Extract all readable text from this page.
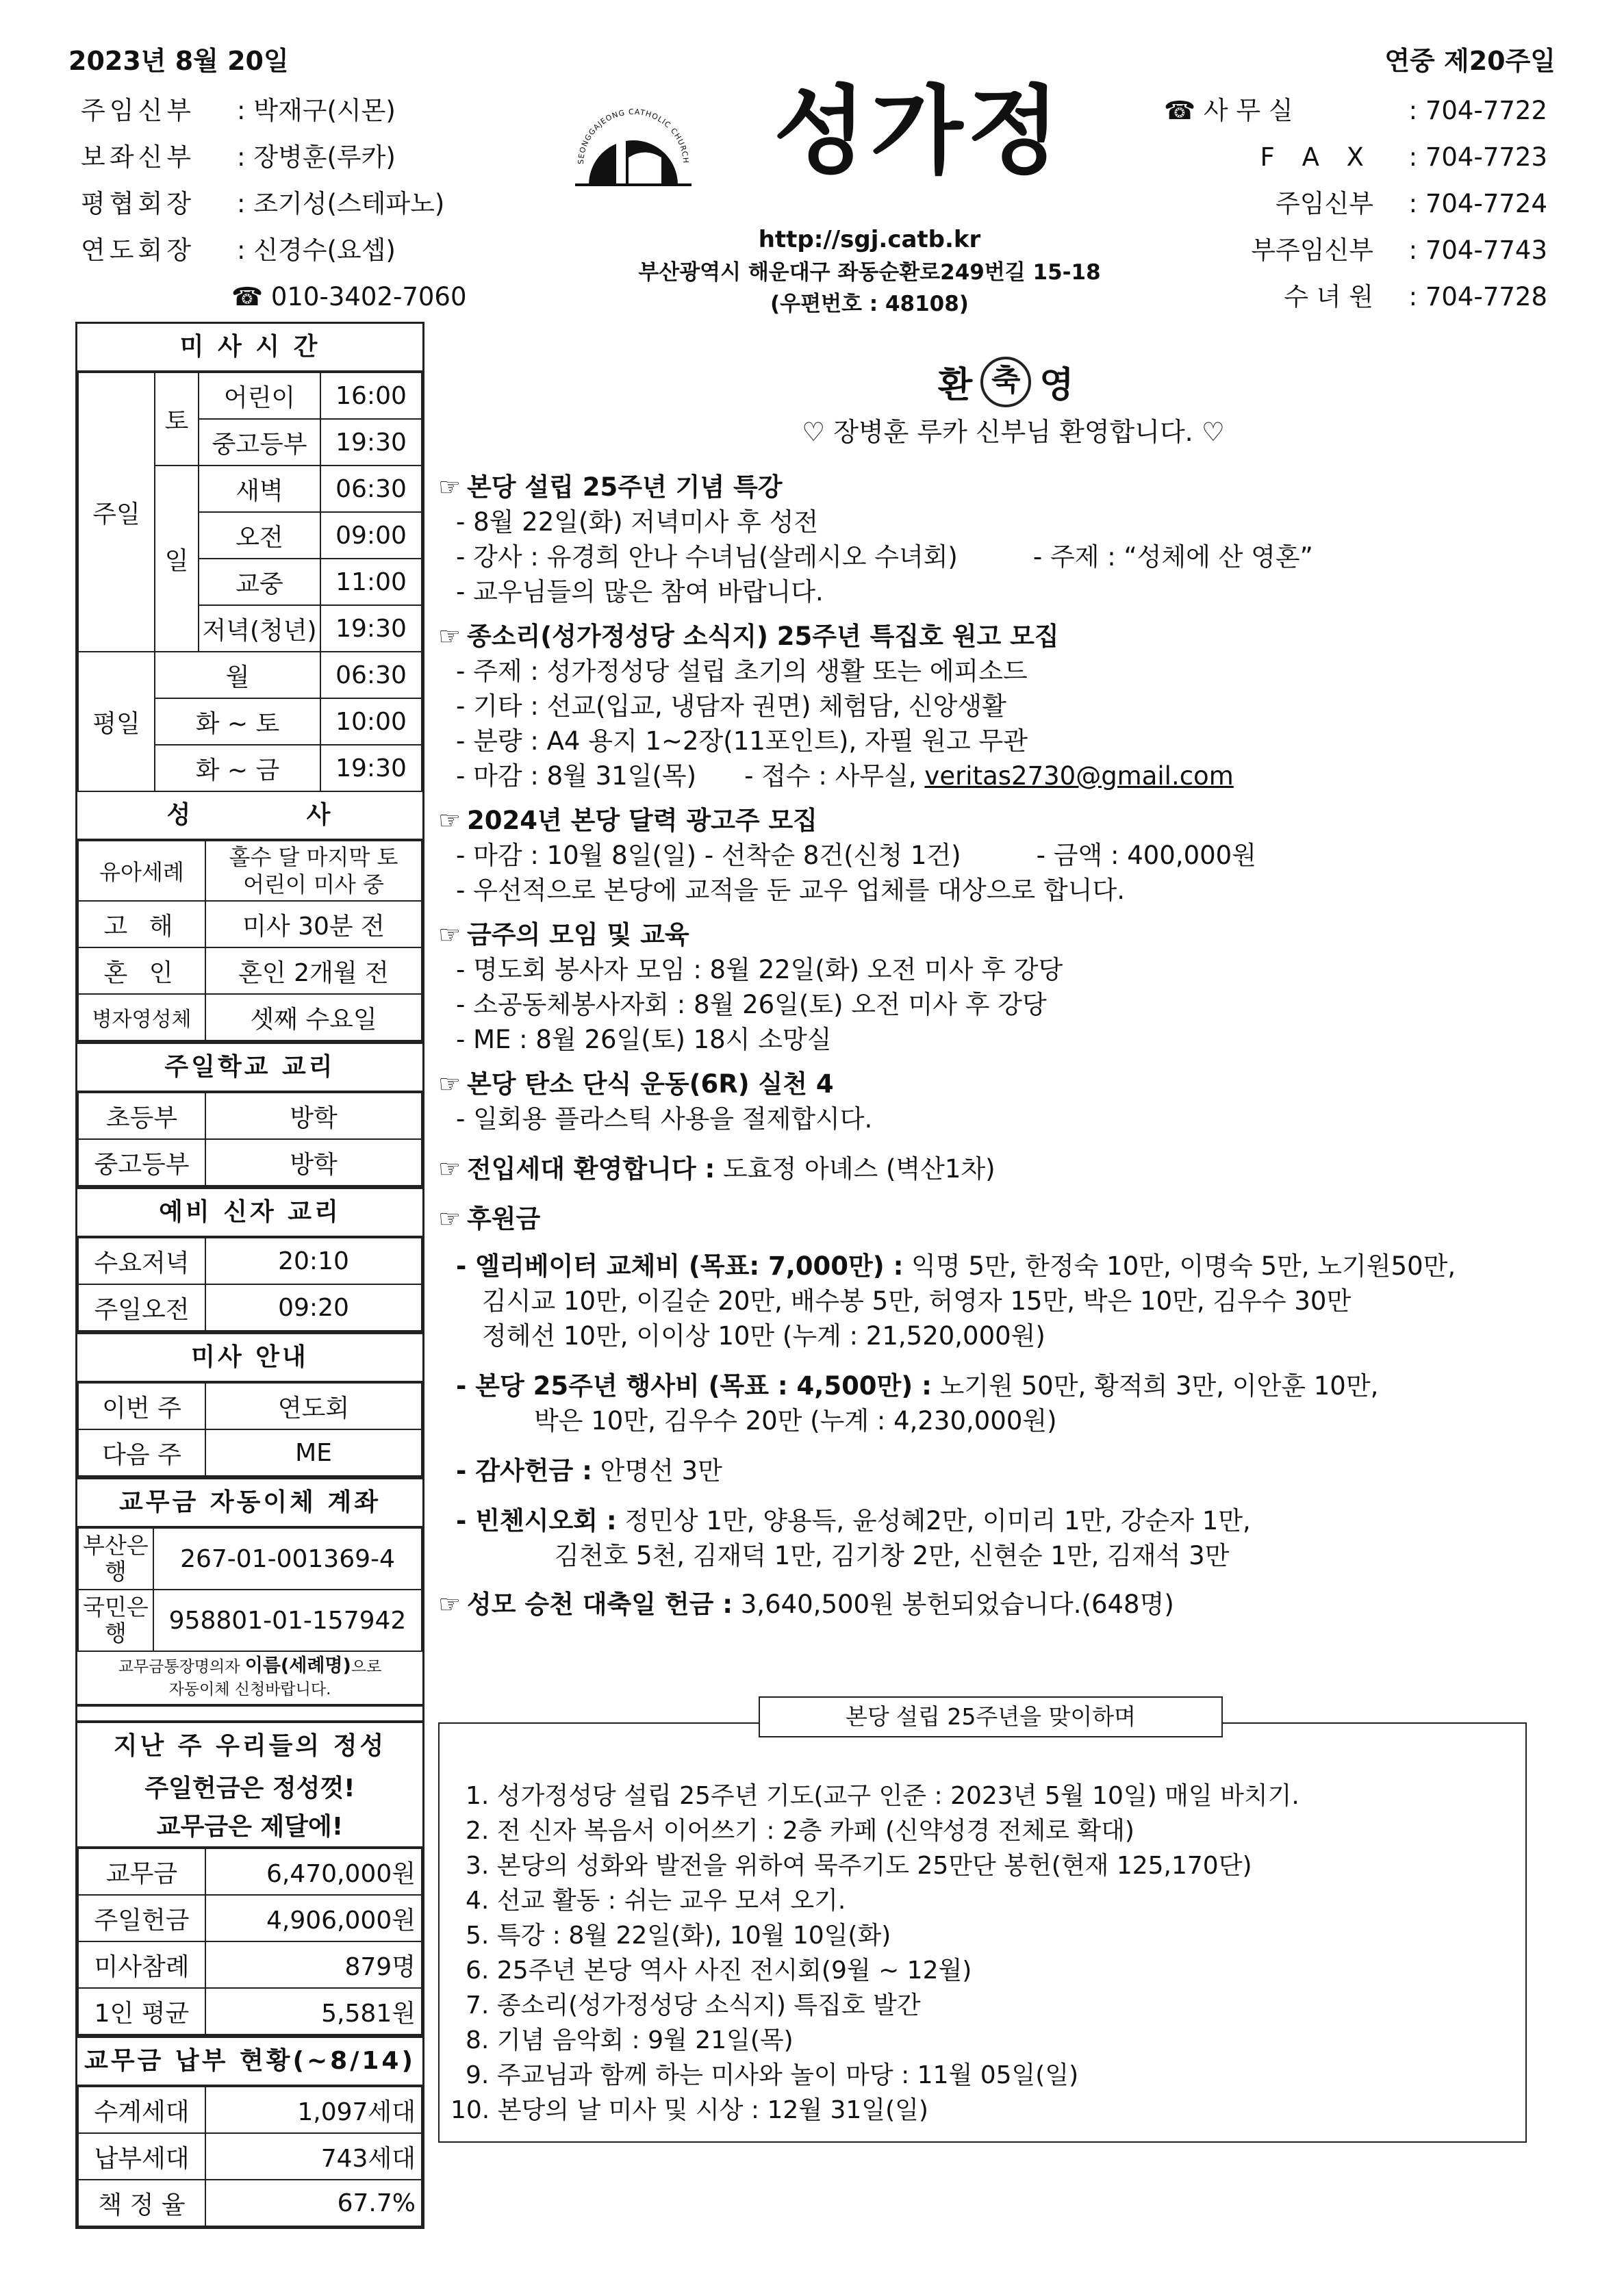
2023년 8월 20일	연중 제20주일
주임신부 : 박재구(시몬)
보좌신부 : 장병훈(루카)
평협회장 : 조기성(스테파노)
연도회장 : 신경수(요셉)
☎ 010-3402-7060
SEONGGAJEONG CATHOLIC CHURCH 성가정
http://sgj.catb.kr
부산광역시 해운대구 좌동순환로249번길 15-18
(우편번호 : 48108)
☎ 사 무 실	: 704-7722
F A X : 704-7723
주임신부 : 704-7724
부주임신부 : 704-7743
수 녀 원 : 704-7728
미 사 시 간
주일	토	어린이	16:00
		중고등부	19:30
	일	새벽	06:30
		오전	09:00
		교중	11:00
		저녁(청년)	19:30
평일	월		06:30
	화 ~ 토		10:00
	화 ~ 금		19:30
성          사
유아세례	홀수 달 마지막 토
어린이 미사 중

고 해	미사 30분 전
혼 인	혼인 2개월 전
병자영성체	셋째 수요일
주일학교 교리
초등부	방학
중고등부	방학
예비 신자 교리
수요저녁	20:10
주일오전	09:20
미사 안내
이번 주	연도회
다음 주	ME
교무금 자동이체 계좌
부산은행	267-01-001369-4
국민은행	958801-01-157942
교무금통장명의자 이름(세례명)으로
자동이체 신청바랍니다.
지난 주 우리들의 정성
주일헌금은 정성껏!
교무금은 제달에!
교무금	6,470,000원
주일헌금	4,906,000원
미사참례	879명
1인 평균	5,581원
교무금 납부 현황(~8/14)
수계세대	1,097세대
납부세대	743세대
책 정 율	67.7%
환 축 영
♡ 장병훈 루카 신부님 환영합니다. ♡
☞ 본당 설립 25주년 기념 특강
- 8월 22일(화) 저녁미사 후 성전
- 강사 : 유경희 안나 수녀님(살레시오 수녀회)	- 주제 : “성체에 산 영혼”
- 교우님들의 많은 참여 바랍니다.
☞ 종소리(성가정성당 소식지) 25주년 특집호 원고 모집
- 주제 : 성가정성당 설립 초기의 생활 또는 에피소드
- 기타 : 선교(입교, 냉담자 권면) 체험담, 신앙생활
- 분량 : A4 용지 1~2장(11포인트), 자필 원고 무관
- 마감 : 8월 31일(목) - 접수 : 사무실, veritas2730@gmail.com
☞ 2024년 본당 달력 광고주 모집
- 마감 : 10월 8일(일) - 선착순 8건(신청 1건)	- 금액 : 400,000원
- 우선적으로 본당에 교적을 둔 교우 업체를 대상으로 합니다.
☞ 금주의 모임 및 교육
- 명도회 봉사자 모임 : 8월 22일(화) 오전 미사 후 강당
- 소공동체봉사자회 : 8월 26일(토) 오전 미사 후 강당
- ME : 8월 26일(토) 18시 소망실
☞ 본당 탄소 단식 운동(6R) 실천 4
- 일회용 플라스틱 사용을 절제합시다.
☞ 전입세대 환영합니다 : 도효정 아녜스 (벽산1차)
☞ 후원금
- 엘리베이터 교체비 (목표: 7,000만) : 익명 5만, 한정숙 10만, 이명숙 5만, 노기원50만,
김시교 10만, 이길순 20만, 배수봉 5만, 허영자 15만, 박은 10만, 김우수 30만
정헤선 10만, 이이상 10만 (누계 : 21,520,000원)
- 본당 25주년 행사비 (목표 : 4,500만) : 노기원 50만, 황적희 3만, 이안훈 10만,
박은 10만, 김우수 20만 (누계 : 4,230,000원)
- 감사헌금 : 안명선 3만
- 빈첸시오회 : 정민상 1만, 양용득, 윤성혜2만, 이미리 1만, 강순자 1만,
김천호 5천, 김재덕 1만, 김기창 2만, 신현순 1만, 김재석 3만
☞ 성모 승천 대축일 헌금 : 3,640,500원 봉헌되었습니다.(648명)
본당 설립 25주년을 맞이하며
1. 성가정성당 설립 25주년 기도(교구 인준 : 2023년 5월 10일) 매일 바치기.
2. 전 신자 복음서 이어쓰기 : 2층 카페 (신약성경 전체로 확대)
3. 본당의 성화와 발전을 위하여 묵주기도 25만단 봉헌(현재 125,170단)
4. 선교 활동 : 쉬는 교우 모셔 오기.
5. 특강 : 8월 22일(화), 10월 10일(화)
6. 25주년 본당 역사 사진 전시회(9월 ~ 12월)
7. 종소리(성가정성당 소식지) 특집호 발간
8. 기념 음악회 : 9월 21일(목)
9. 주교님과 함께 하는 미사와 놀이 마당 : 11월 05일(일)
10. 본당의 날 미사 및 시상 : 12월 31일(일)
